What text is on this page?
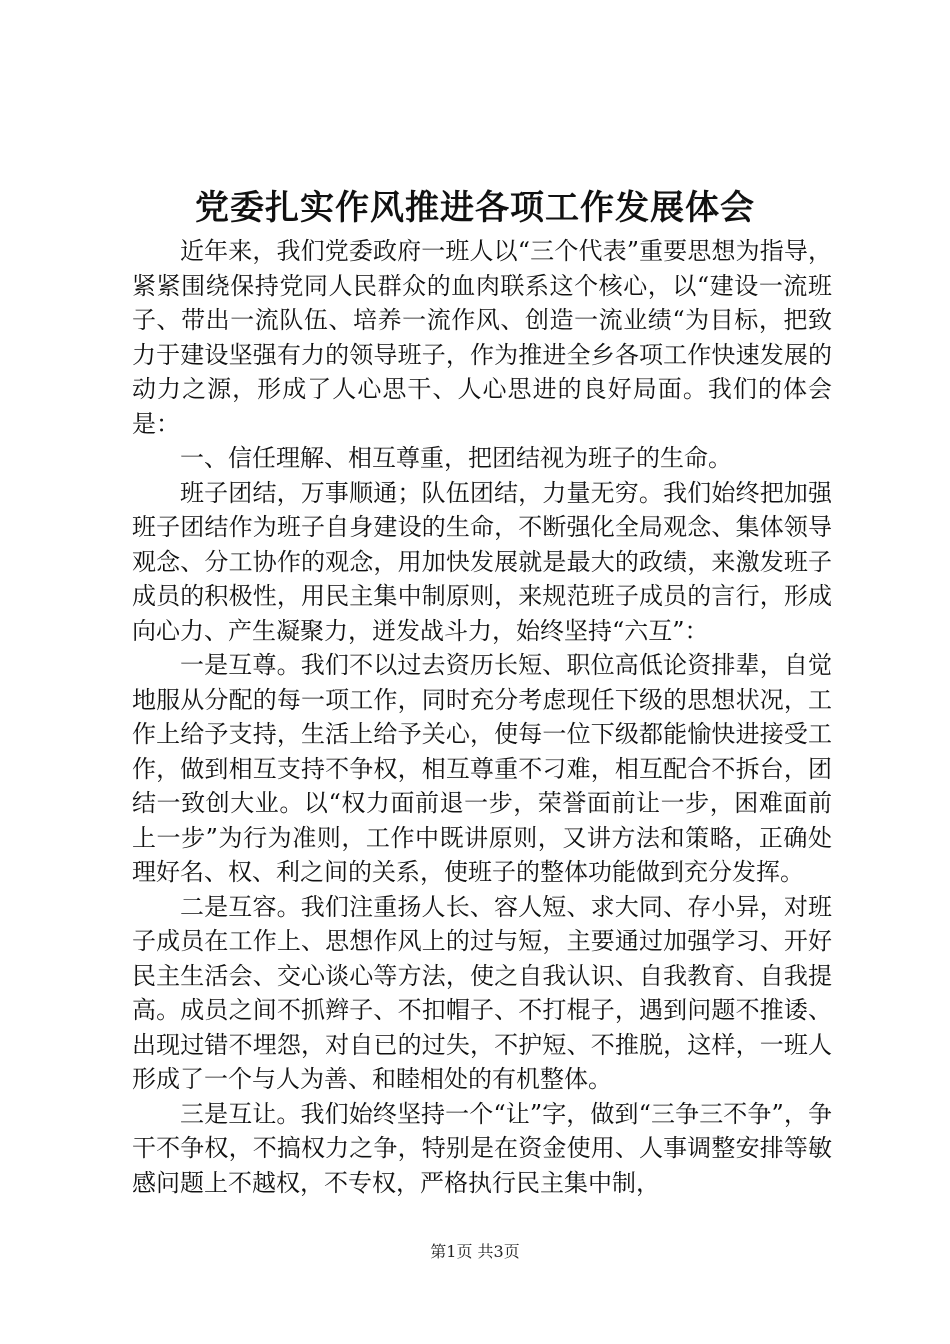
党委扎实作风推进各项工作发展体会

近年来，我们党委政府一班人以“三个代表”重要思想为指导，紧紧围绕保持党同人民群众的血肉联系这个核心，以“建设一流班子、带出一流队伍、培养一流作风、创造一流业绩“为目标，把致力于建设坚强有力的领导班子，作为推进全乡各项工作快速发展的动力之源，形成了人心思干、人心思进的良好局面。我们的体会是：

一、信任理解、相互尊重，把团结视为班子的生命。

班子团结，万事顺通；队伍团结，力量无穷。我们始终把加强班子团结作为班子自身建设的生命，不断强化全局观念、集体领导观念、分工协作的观念，用加快发展就是最大的政绩，来激发班子成员的积极性，用民主集中制原则，来规范班子成员的言行，形成向心力、产生凝聚力，迸发战斗力，始终坚持“六互”：

一是互尊。我们不以过去资历长短、职位高低论资排辈，自觉地服从分配的每一项工作，同时充分考虑现任下级的思想状况，工作上给予支持，生活上给予关心，使每一位下级都能愉快进接受工作，做到相互支持不争权，相互尊重不刁难，相互配合不拆台，团结一致创大业。以“权力面前退一步，荣誉面前让一步，困难面前上一步”为行为准则，工作中既讲原则，又讲方法和策略，正确处理好名、权、利之间的关系，使班子的整体功能做到充分发挥。

二是互容。我们注重扬人长、容人短、求大同、存小异，对班子成员在工作上、思想作风上的过与短，主要通过加强学习、开好民主生活会、交心谈心等方法，使之自我认识、自我教育、自我提高。成员之间不抓辫子、不扣帽子、不打棍子，遇到问题不推诿、出现过错不埋怨，对自已的过失，不护短、不推脱，这样，一班人形成了一个与人为善、和睦相处的有机整体。

三是互让。我们始终坚持一个“让”字，做到“三争三不争”，争干不争权，不搞权力之争，特别是在资金使用、人事调整安排等敏感问题上不越权，不专权，严格执行民主集中制，

第1页 共3页
